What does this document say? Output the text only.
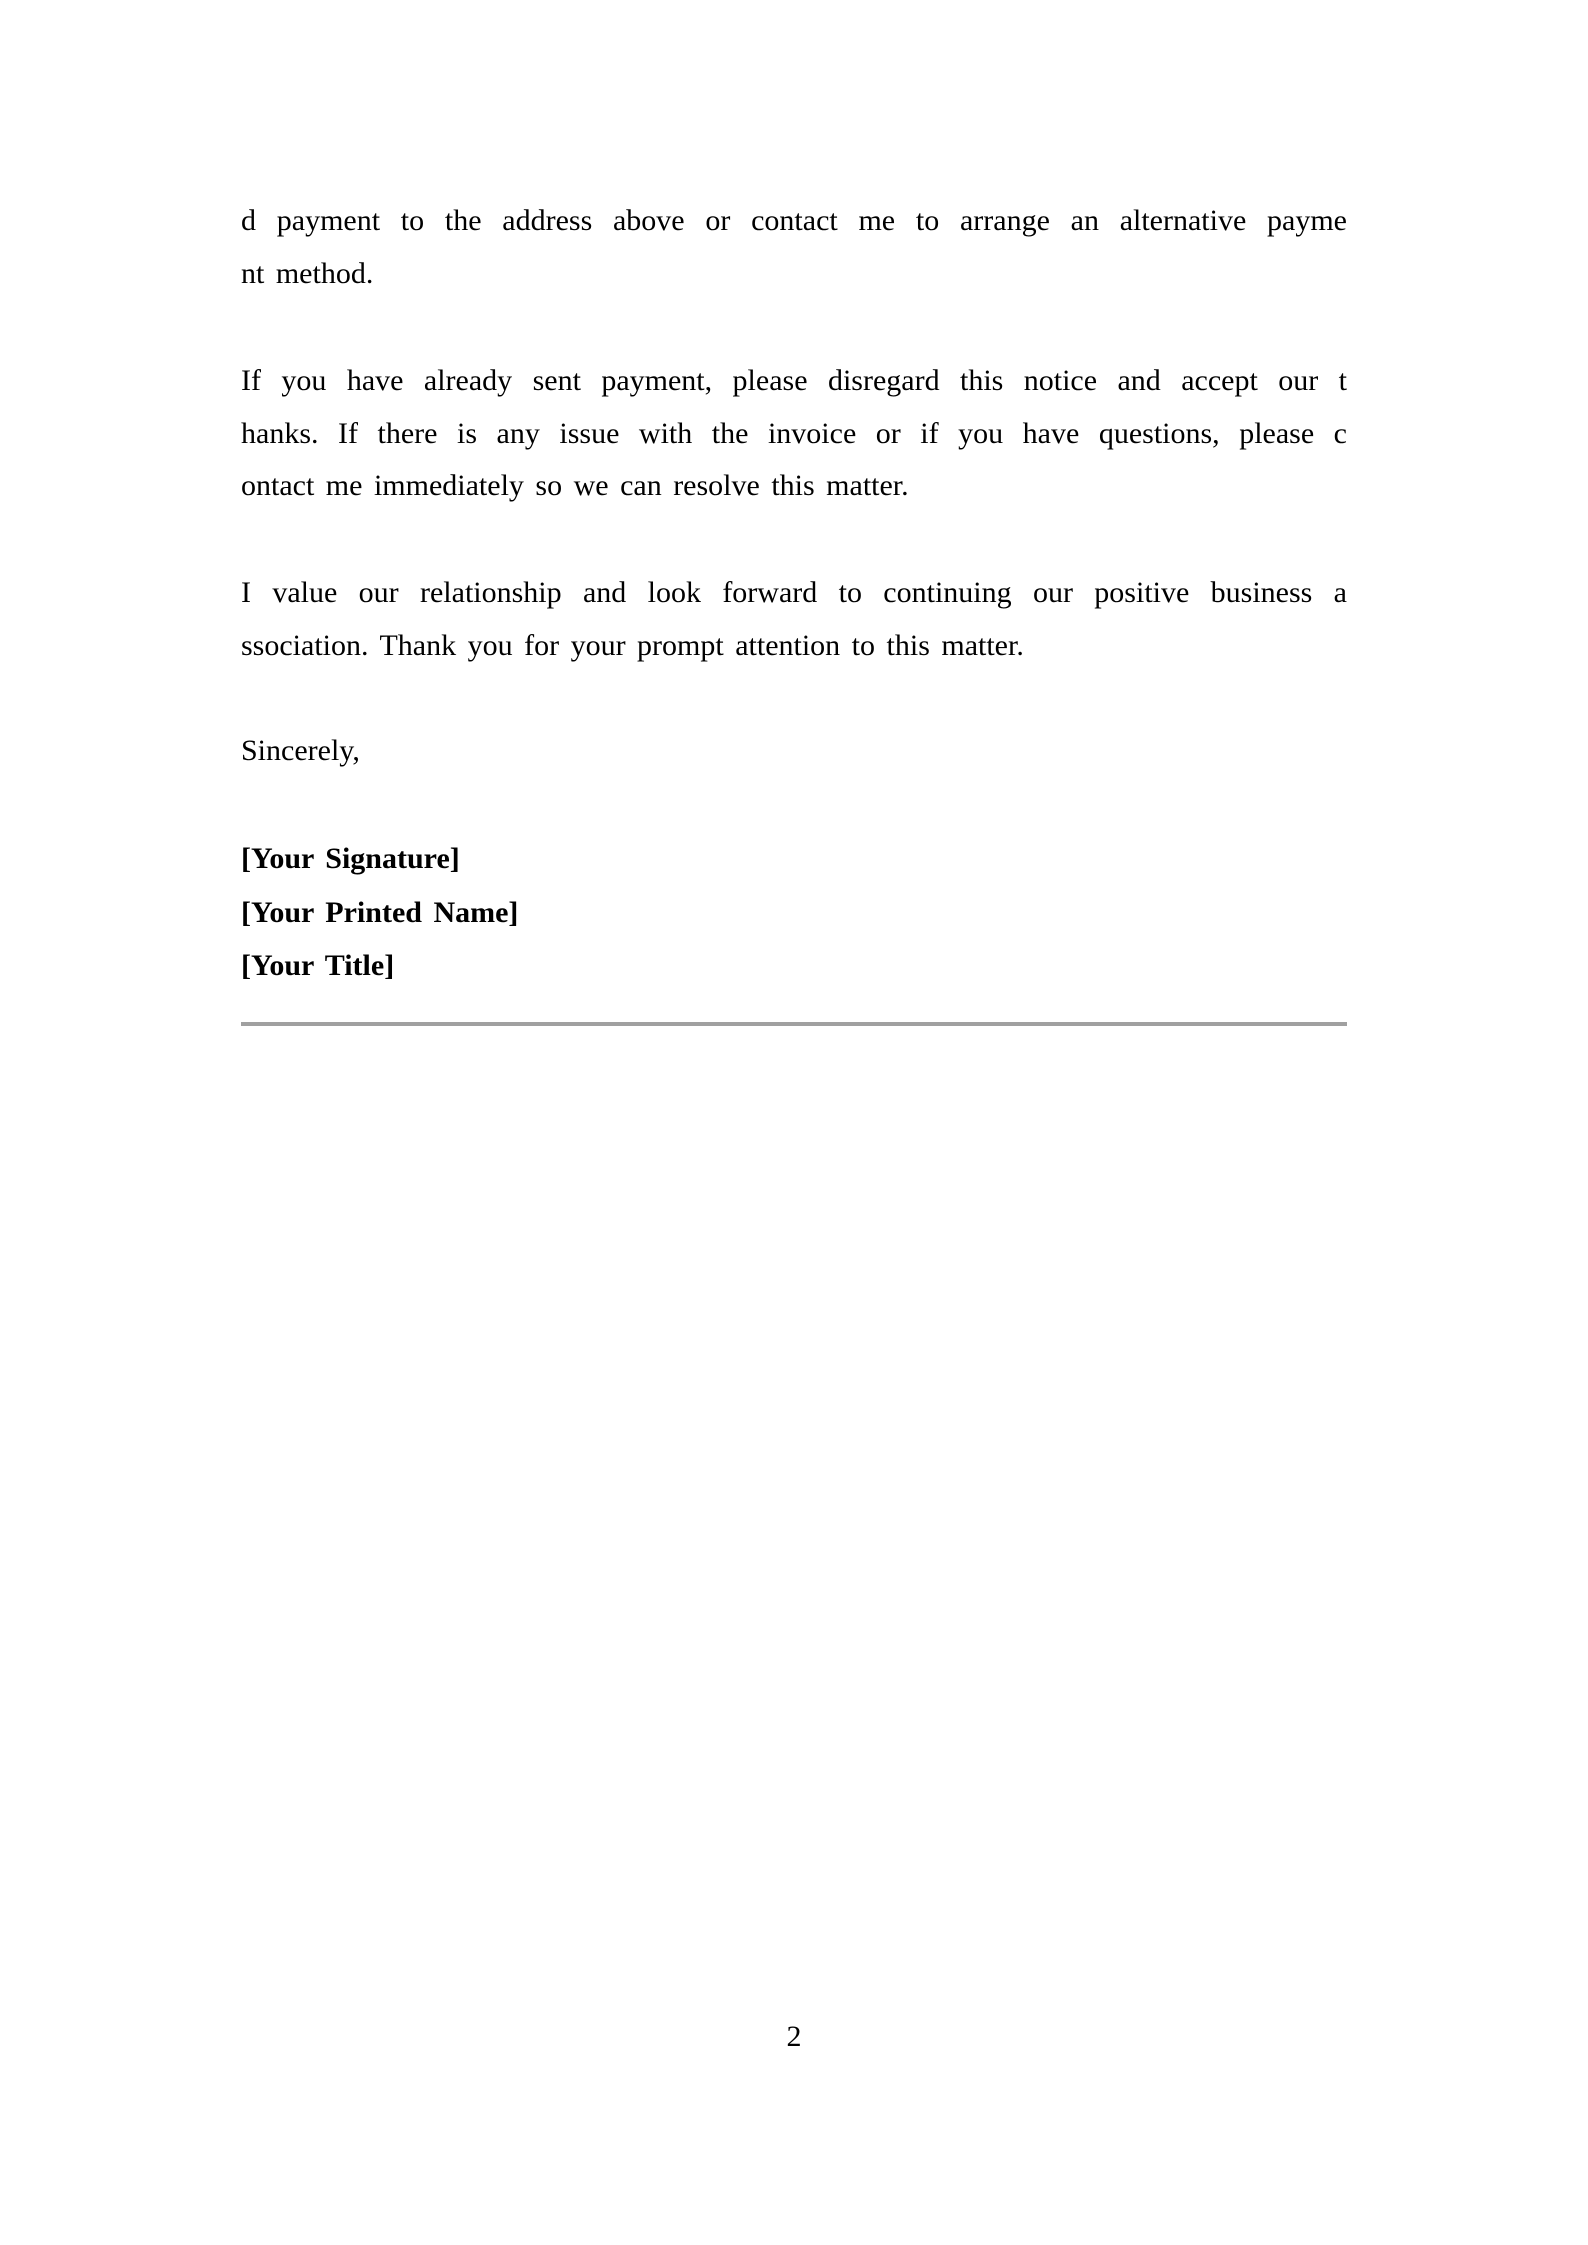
d payment to the address above or contact me to arrange an alternative payme
nt method.
If you have already sent payment, please disregard this notice and accept our t
hanks. If there is any issue with the invoice or if you have questions, please c
ontact me immediately so we can resolve this matter.
I value our relationship and look forward to continuing our positive business a
ssociation. Thank you for your prompt attention to this matter.
Sincerely,
[Your Signature]
[Your Printed Name]
[Your Title]
2
